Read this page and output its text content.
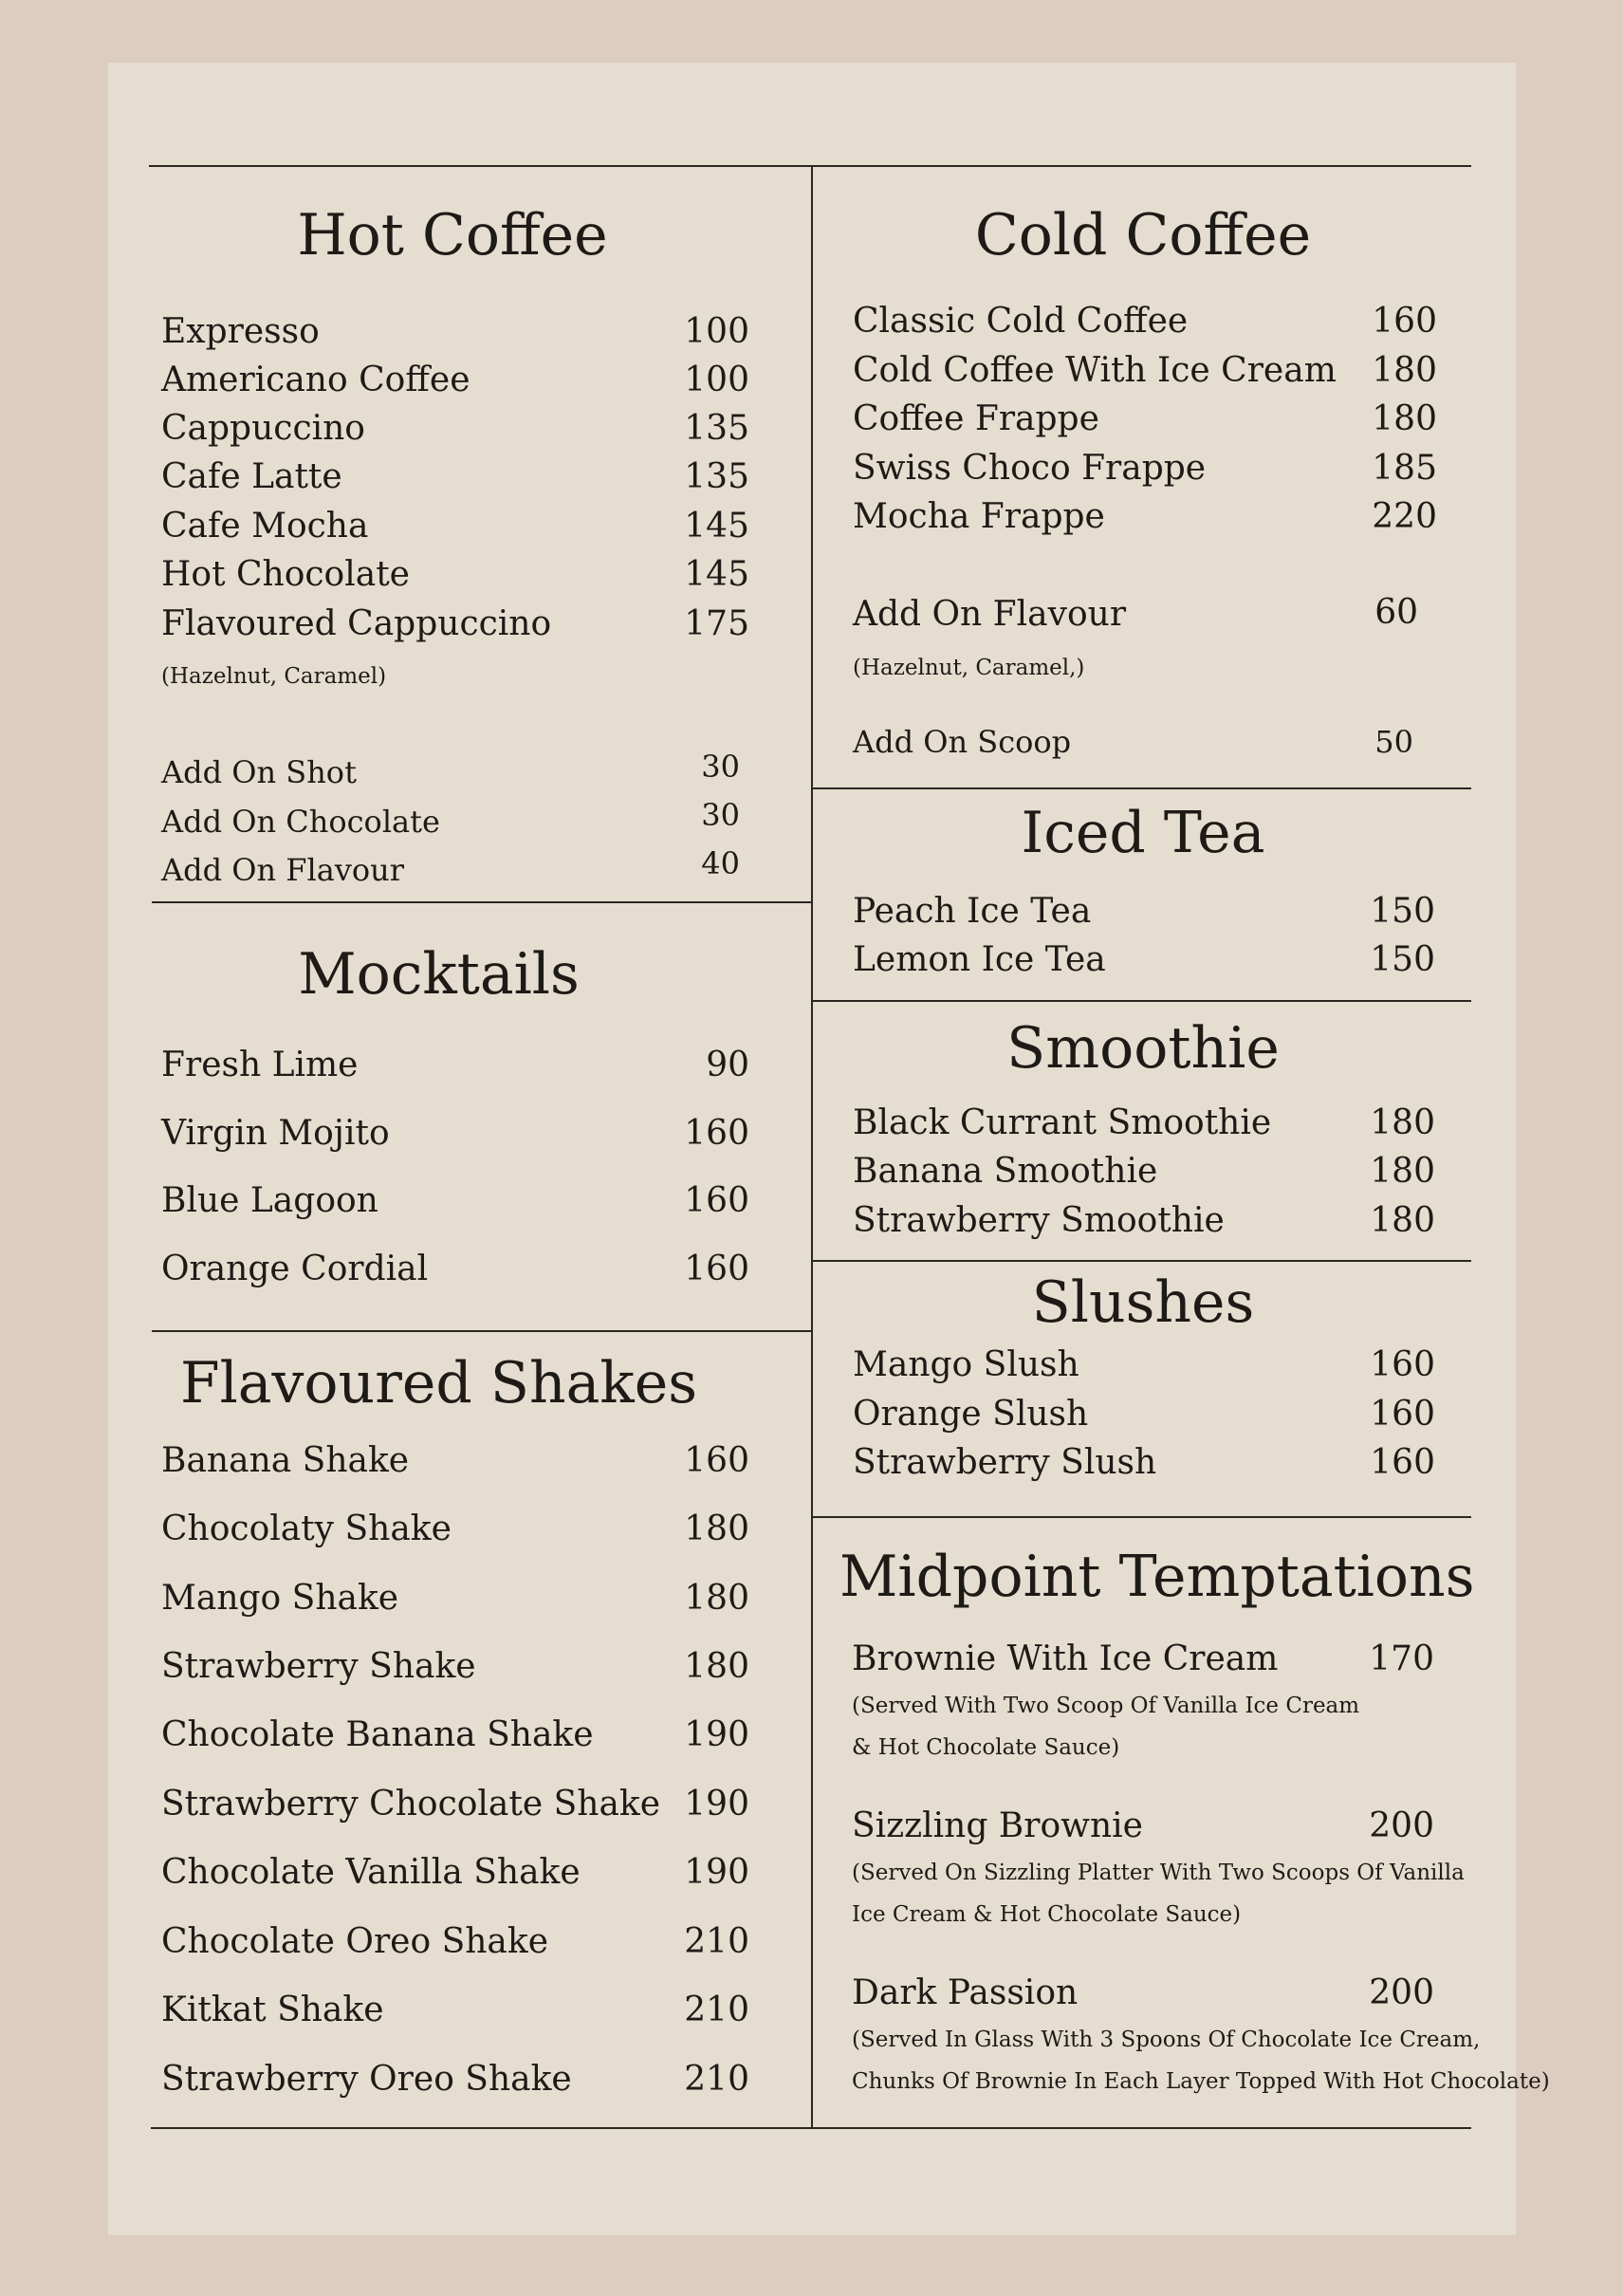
Hot Coffee
Expresso	100
Americano Coffee	100
Cappuccino	135
Cafe Latte	135
Cafe Mocha	145
Hot Chocolate	145
Flavoured Cappuccino	175
(Hazelnut, Caramel)
Add On Shot	30
Add On Chocolate	30
Add On Flavour	40
Mocktails
Fresh Lime	90
Virgin Mojito	160
Blue Lagoon	160
Orange Cordial	160
Flavoured Shakes
Banana Shake	160
Chocolaty Shake	180
Mango Shake	180
Strawberry Shake	180
Chocolate Banana Shake	190
Strawberry Chocolate Shake 190
Chocolate Vanilla Shake	190
Chocolate Oreo Shake	210
Kitkat Shake	210
Strawberry Oreo Shake	210
Cold Coffee
Classic Cold Coffee	160
Cold Coffee With Ice Cream	180
Coffee Frappe	180
Swiss Choco Frappe	185
Mocha Frappe	220
Add On Flavour	60
(Hazelnut, Caramel,)
Add On Scoop	50
Iced Tea
Peach Ice Tea	150
Lemon Ice Tea	150
Smoothie
Black Currant Smoothie	180
Banana Smoothie	180
Strawberry Smoothie	180
Slushes
Mango Slush	160
Orange Slush	160
Strawberry Slush	160
Midpoint Temptations
Brownie With Ice Cream	170
(Served With Two Scoop Of Vanilla Ice Cream
& Hot Chocolate Sauce)
Sizzling Brownie	200
(Served On Sizzling Platter With Two Scoops Of Vanilla
Ice Cream & Hot Chocolate Sauce)
Dark Passion	200
(Served In Glass With 3 Spoons Of Chocolate Ice Cream,
Chunks Of Brownie In Each Layer Topped With Hot Chocolate)
